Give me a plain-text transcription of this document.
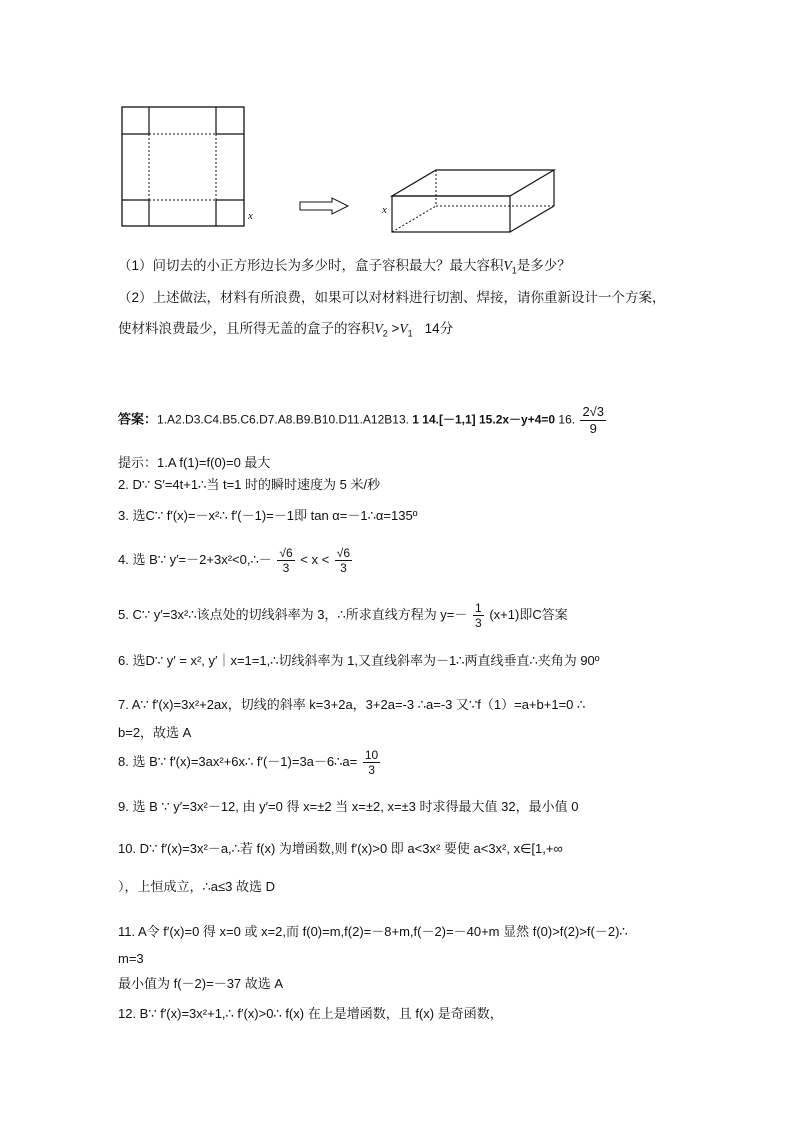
x	x
（1）问切去的小正方形边长为多少时，盒子容积最大？最大容积$V_1$是多少？
（2）上述做法，材料有所浪费，如果可以对材料进行切割、焊接，请你重新设计一个方案，
使材料浪费最少，且所得无盖的盒子的容积$V_2 >V_1$ 14分
答案：1.A2.D3.C4.B5.C6.D7.A8.B9.B10.D11.A12B13. 1 14.[－1,1] 15.2x－y+4=0 16. $\frac{2√3}{9}$
提示：1.A f(1)=f(0)=0 最大
2. D∵ S′=4t+1∴当 t=1 时的瞬时速度为 5 米/秒
3. 选C∵ f′(x)=－x²∴ f′(－1)=－1即 tan α=－1∴α=135º
4. 选 B∵ y′=－2+3x²<0,∴－ $\frac{√6}{3} < x < \frac{√6}{3}$
5. C∵ y′=3x²∴该点处的切线斜率为 3，∴所求直线方程为 $y=- \frac{1}{3} (x+1)$即C答案
6. 选D∵ y′ = x², y′｜x=1=1,∴切线斜率为 1,又直线斜率为－1∴两直线垂直∴夹角为 90º
7. A∵ f′(x)=3x²+2ax，切线的斜率 k=3+2a，3+2a=-3 ∴a=-3 又∵f（1）=a+b+1=0 ∴
b=2，故选 A
8. 选 B∵ f′(x)=3ax²+6x∴ f′(－1)=3a－6∴a= $\frac{10}{3}$
9. 选 B ∵ y′=3x²－12, 由 y′=0 得 x=±2 当 x=±2, x=±3 时求得最大值 32，最小值 0
10. D∵ f′(x)=3x²－a,∴若 f(x) 为增函数,则 f′(x)>0 即 a<3x² 要使 a<3x², x∈[1,+∞
），上恒成立，∴a≤3 故选 D
11. A令 f′(x)=0 得 x=0 或 x=2,而 f(0)=m,f(2)=－8+m,f(－2)=－40+m 显然 f(0)>f(2)>f(－2)∴
m=3
最小值为 f(－2)=－37 故选 A
12. B∵ f′(x)=3x²+1,∴ f′(x)>0∴ f(x) 在上是增函数，且 f(x) 是奇函数，
